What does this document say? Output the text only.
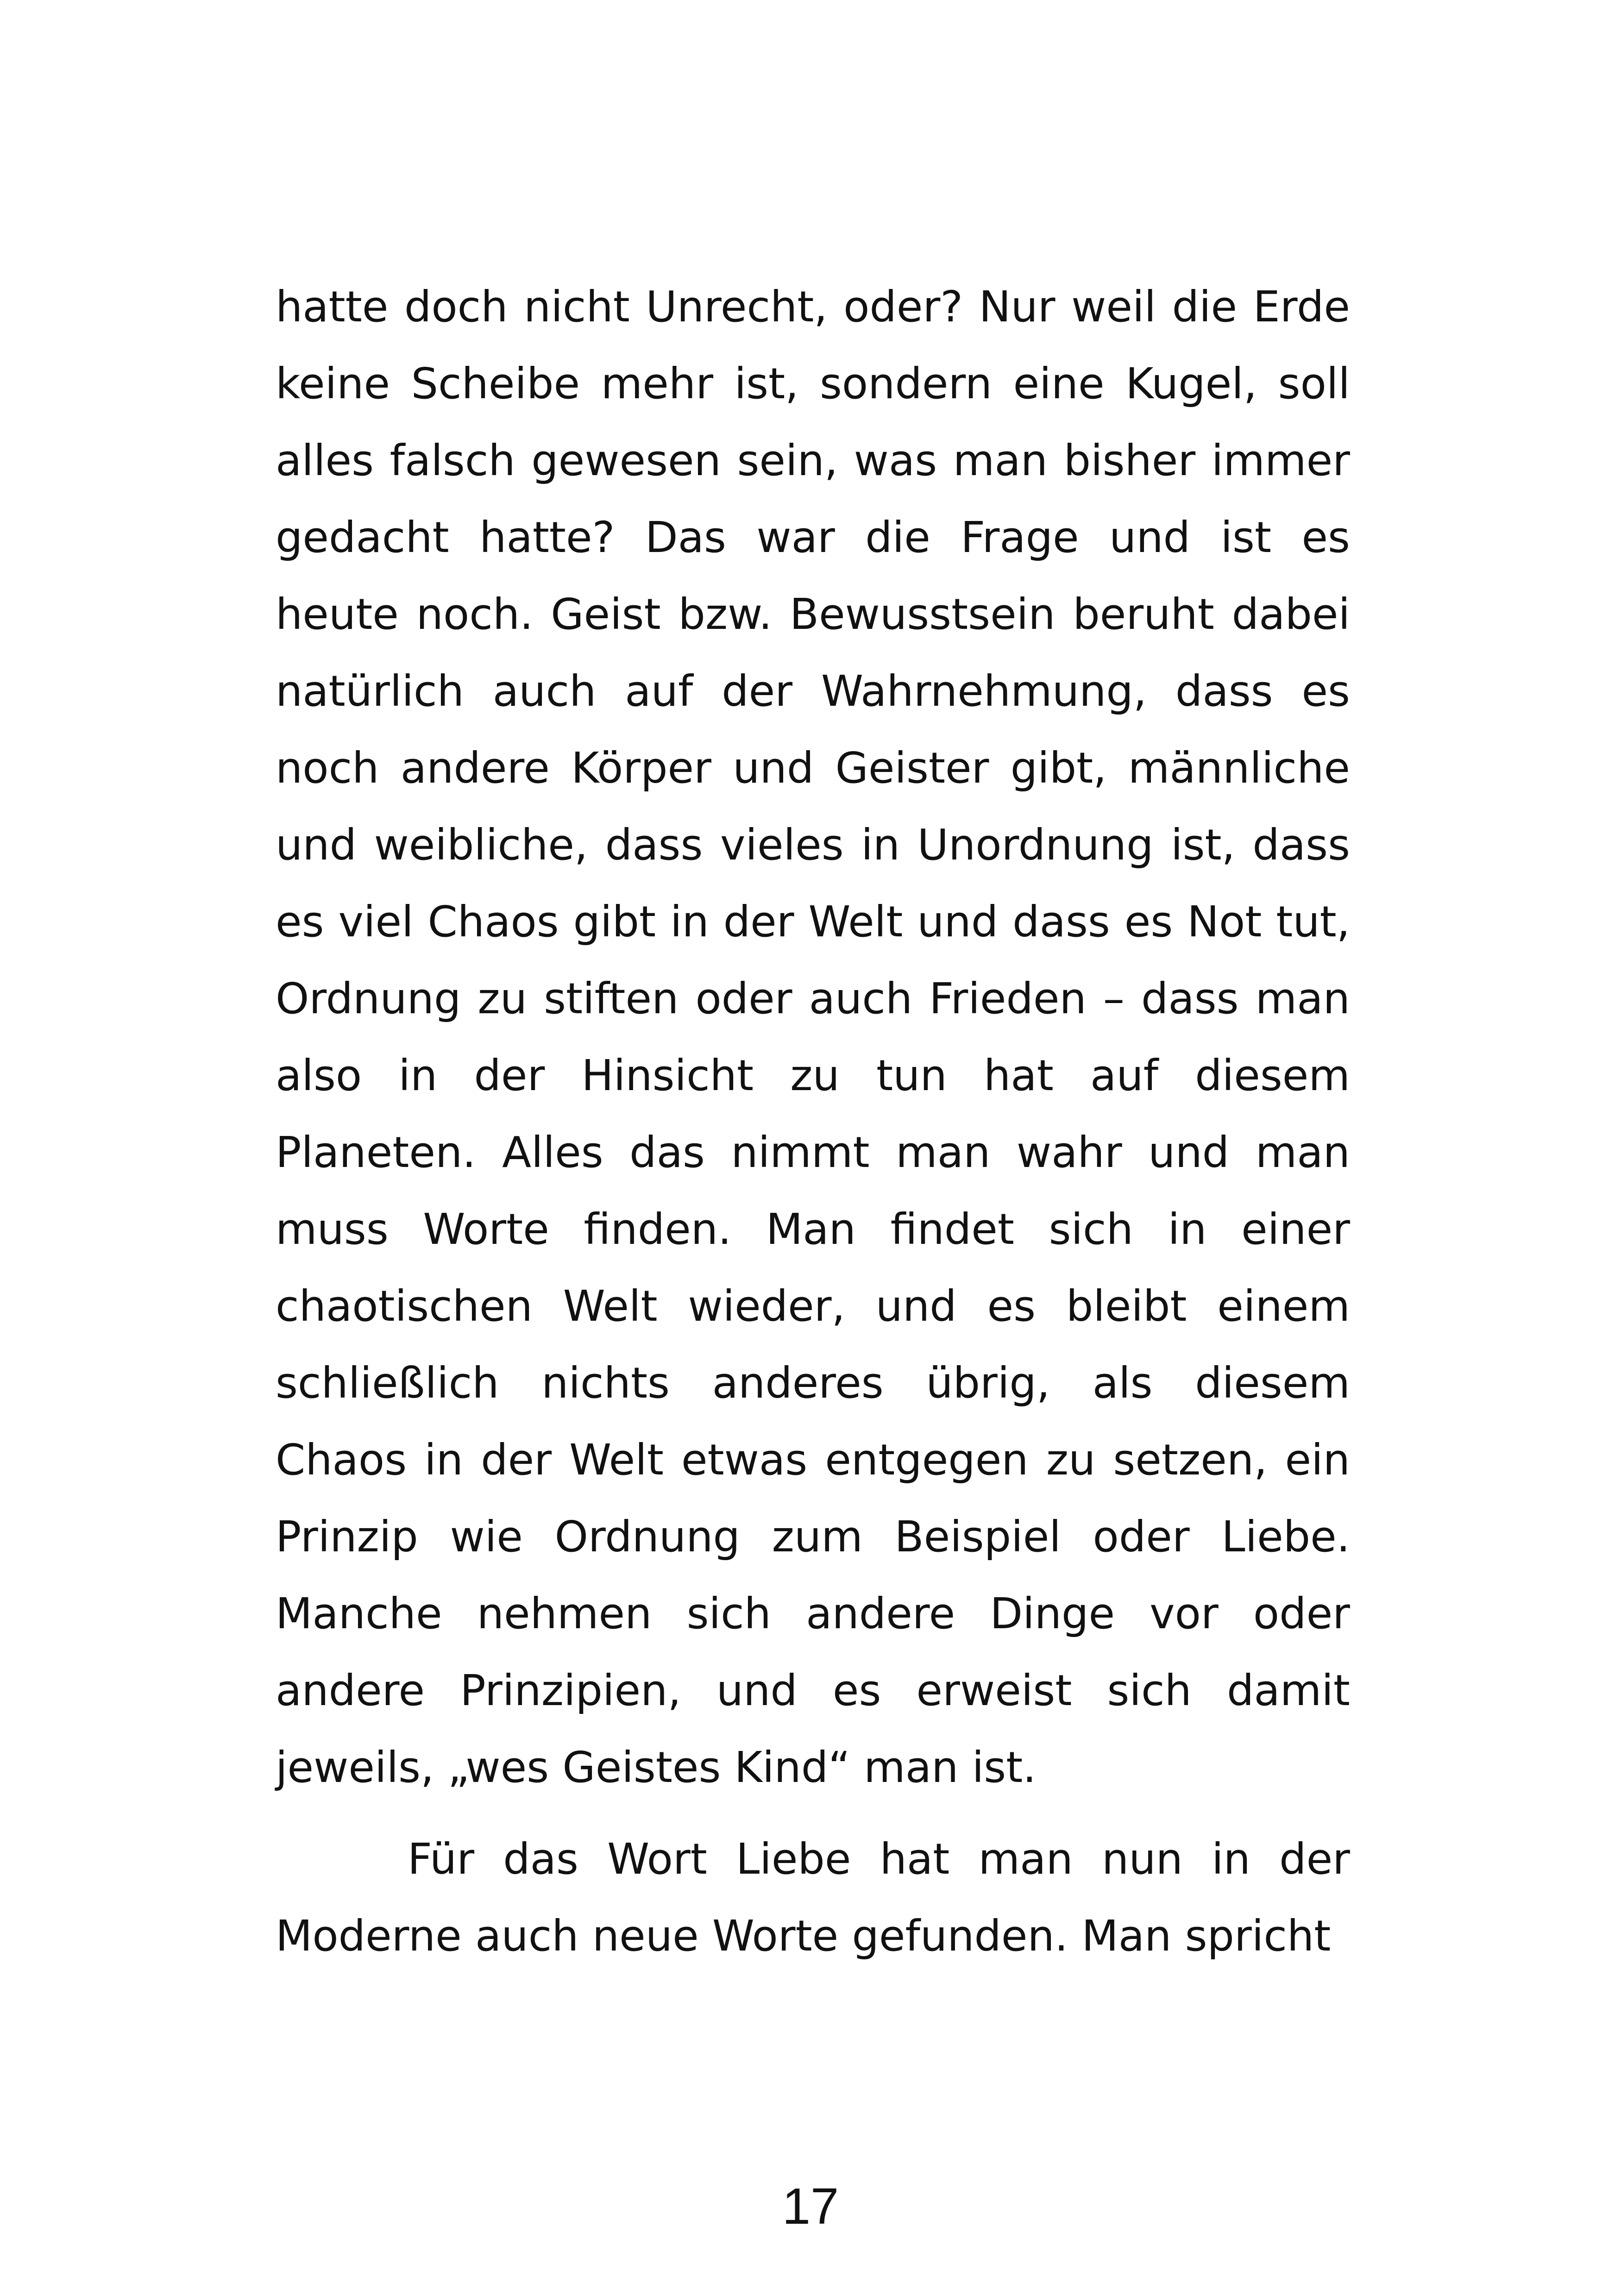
hatte doch nicht Unrecht, oder? Nur weil die Erde keine Scheibe mehr ist, sondern eine Kugel, soll alles falsch gewesen sein, was man bisher immer gedacht hatte? Das war die Frage und ist es heute noch. Geist bzw. Bewusstsein beruht dabei natürlich auch auf der Wahrnehmung, dass es noch andere Körper und Geister gibt, männliche und weibliche, dass vieles in Unordnung ist, dass es viel Chaos gibt in der Welt und dass es Not tut, Ordnung zu stiften oder auch Frieden – dass man also in der Hinsicht zu tun hat auf diesem Planeten. Alles das nimmt man wahr und man muss Worte finden. Man findet sich in einer chaotischen Welt wieder, und es bleibt einem schließlich nichts anderes übrig, als diesem Chaos in der Welt etwas entgegen zu setzen, ein Prinzip wie Ordnung zum Beispiel oder Liebe. Manche nehmen sich andere Dinge vor oder andere Prinzipien, und es erweist sich damit jeweils, „wes Geistes Kind“ man ist.

Für das Wort Liebe hat man nun in der Moderne auch neue Worte gefunden. Man spricht

17
